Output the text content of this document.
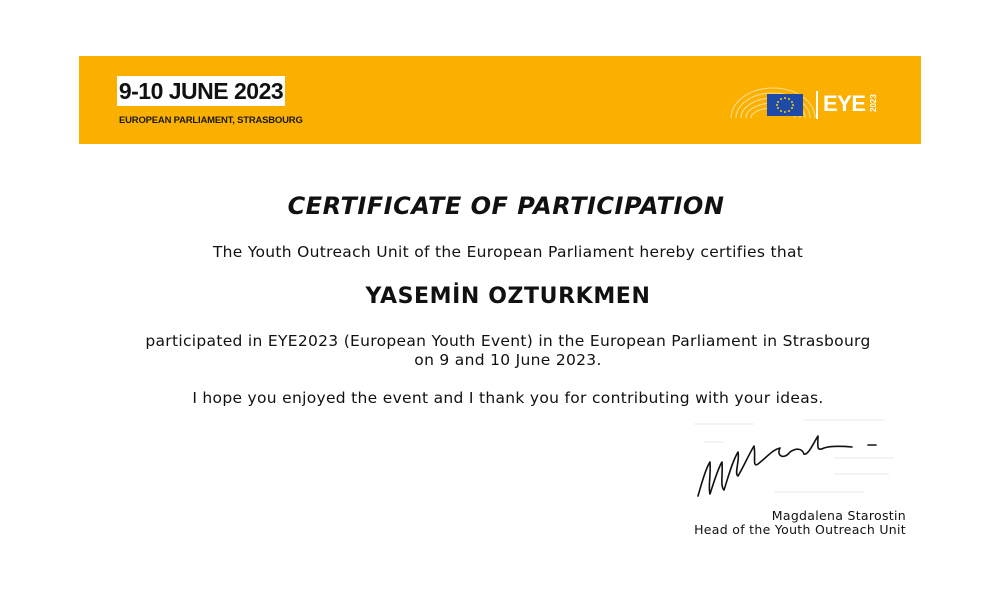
9-10 JUNE 2023
EUROPEAN PARLIAMENT, STRASBOURG
EYE 2023
CERTIFICATE OF PARTICIPATION
The Youth Outreach Unit of the European Parliament hereby certifies that
YASEMİN OZTURKMEN
participated in EYE2023 (European Youth Event) in the European Parliament in Strasbourg
on 9 and 10 June 2023.
I hope you enjoyed the event and I thank you for contributing with your ideas.
Magdalena Starostin
Head of the Youth Outreach Unit
